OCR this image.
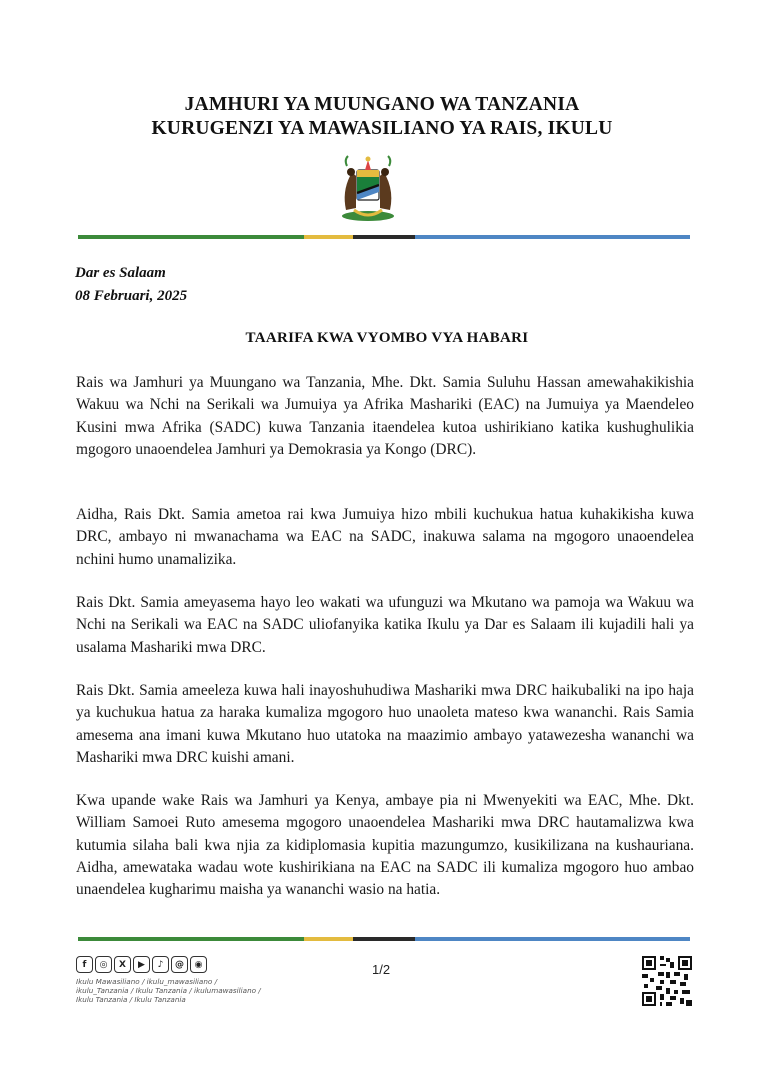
JAMHURI YA MUUNGANO WA TANZANIA
KURUGENZI YA MAWASILIANO YA RAIS, IKULU
Dar es Salaam
08 Februari, 2025
TAARIFA KWA VYOMBO VYA HABARI

Rais wa Jamhuri ya Muungano wa Tanzania, Mhe. Dkt. Samia Suluhu Hassan amewahakikishia Wakuu wa Nchi na Serikali wa Jumuiya ya Afrika Mashariki (EAC) na Jumuiya ya Maendeleo Kusini mwa Afrika (SADC) kuwa Tanzania itaendelea kutoa ushirikiano katika kushughulikia mgogoro unaoendelea Jamhuri ya Demokrasia ya Kongo (DRC).

Aidha, Rais Dkt. Samia ametoa rai kwa Jumuiya hizo mbili kuchukua hatua kuhakikisha kuwa DRC, ambayo ni mwanachama wa EAC na SADC, inakuwa salama na mgogoro unaoendelea nchini humo unamalizika.

Rais Dkt. Samia ameyasema hayo leo wakati wa ufunguzi wa Mkutano wa pamoja wa Wakuu wa Nchi na Serikali wa EAC na SADC uliofanyika katika Ikulu ya Dar es Salaam ili kujadili hali ya usalama Mashariki mwa DRC.

Rais Dkt. Samia ameeleza kuwa hali inayoshuhudiwa Mashariki mwa DRC haikubaliki na ipo haja ya kuchukua hatua za haraka kumaliza mgogoro huo unaoleta mateso kwa wananchi. Rais Samia amesema ana imani kuwa Mkutano huo utatoka na maazimio ambayo yatawezesha wananchi wa Mashariki mwa DRC kuishi amani.

Kwa upande wake Rais wa Jamhuri ya Kenya, ambaye pia ni Mwenyekiti wa EAC, Mhe. Dkt. William Samoei Ruto amesema mgogoro unaoendelea Mashariki mwa DRC hautamalizwa kwa kutumia silaha bali kwa njia za kidiplomasia kupitia mazungumzo, kusikilizana na kushauriana. Aidha, amewataka wadau wote kushirikiana na EAC na SADC ili kumaliza mgogoro huo ambao unaendelea kugharimu maisha ya wananchi wasio na hatia.

f	◎	X	▶	♪	@	◉
Ikulu Mawasiliano / ikulu_mawasiliano / ikulu_Tanzania / Ikulu Tanzania / ikulumawasiliano / Ikulu Tanzania / Ikulu Tanzania
1/2
